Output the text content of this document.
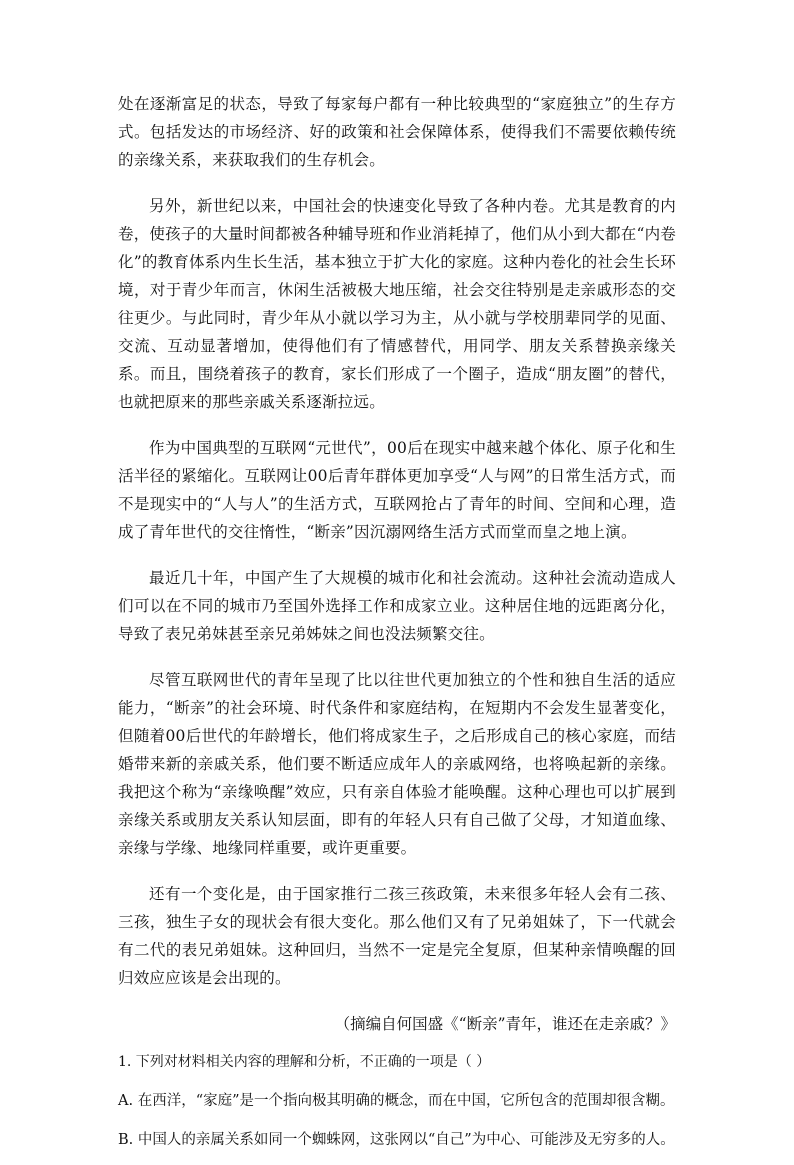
处在逐渐富足的状态，导致了每家每户都有一种比较典型的“家庭独立”的生存方式。包括发达的市场经济、好的政策和社会保障体系，使得我们不需要依赖传统的亲缘关系，来获取我们的生存机会。

另外，新世纪以来，中国社会的快速变化导致了各种内卷。尤其是教育的内卷，使孩子的大量时间都被各种辅导班和作业消耗掉了，他们从小到大都在“内卷化”的教育体系内生长生活，基本独立于扩大化的家庭。这种内卷化的社会生长环境，对于青少年而言，休闲生活被极大地压缩，社会交往特别是走亲戚形态的交往更少。与此同时，青少年从小就以学习为主，从小就与学校朋辈同学的见面、交流、互动显著增加，使得他们有了情感替代，用同学、朋友关系替换亲缘关系。而且，围绕着孩子的教育，家长们形成了一个圈子，造成“朋友圈”的替代，也就把原来的那些亲戚关系逐渐拉远。

作为中国典型的互联网“元世代”，00后在现实中越来越个体化、原子化和生活半径的紧缩化。互联网让00后青年群体更加享受“人与网”的日常生活方式，而不是现实中的“人与人”的生活方式，互联网抢占了青年的时间、空间和心理，造成了青年世代的交往惰性，“断亲”因沉溺网络生活方式而堂而皇之地上演。

最近几十年，中国产生了大规模的城市化和社会流动。这种社会流动造成人们可以在不同的城市乃至国外选择工作和成家立业。这种居住地的远距离分化，导致了表兄弟妹甚至亲兄弟姊妹之间也没法频繁交往。

尽管互联网世代的青年呈现了比以往世代更加独立的个性和独自生活的适应能力，“断亲”的社会环境、时代条件和家庭结构，在短期内不会发生显著变化，但随着00后世代的年龄增长，他们将成家生子，之后形成自己的核心家庭，而结婚带来新的亲戚关系，他们要不断适应成年人的亲戚网络，也将唤起新的亲缘。我把这个称为“亲缘唤醒”效应，只有亲自体验才能唤醒。这种心理也可以扩展到亲缘关系或朋友关系认知层面，即有的年轻人只有自己做了父母，才知道血缘、亲缘与学缘、地缘同样重要，或许更重要。

还有一个变化是，由于国家推行二孩三孩政策，未来很多年轻人会有二孩、三孩，独生子女的现状会有很大变化。那么他们又有了兄弟姐妹了，下一代就会有二代的表兄弟姐妹。这种回归，当然不一定是完全复原，但某种亲情唤醒的回归效应应该是会出现的。

（摘编自何国盛《“断亲”青年，谁还在走亲戚？》

1. 下列对材料相关内容的理解和分析，不正确的一项是（ ）

A. 在西洋，“家庭”是一个指向极其明确的概念，而在中国，它所包含的范围却很含糊。

B. 中国人的亲属关系如同一个蜘蛛网，这张网以“自己”为中心、可能涉及无穷多的人。
